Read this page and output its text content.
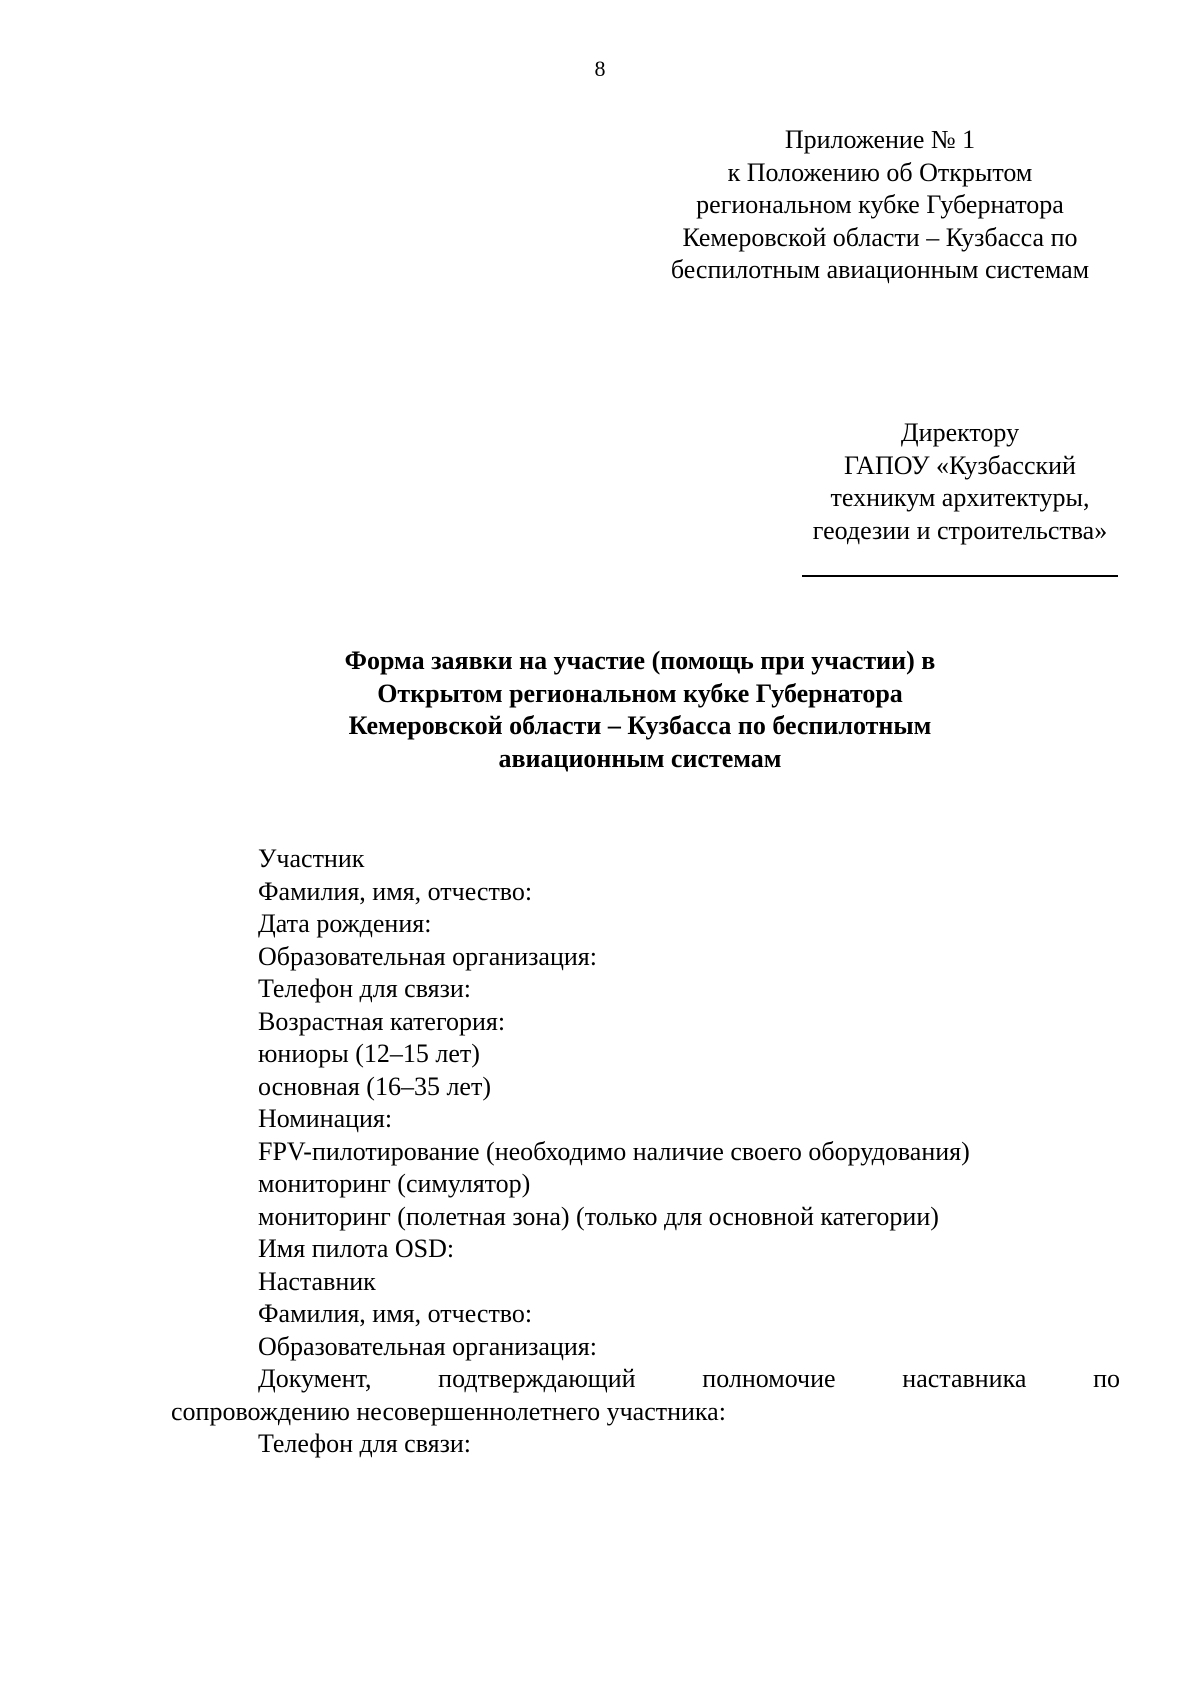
8
Приложение № 1
к Положению об Открытом
региональном кубке Губернатора
Кемеровской области – Кузбасса по
беспилотным авиационным системам
Директору
ГАПОУ «Кузбасский
техникум архитектуры,
геодезии и строительства»
Форма заявки на участие (помощь при участии) в
Открытом региональном кубке Губернатора
Кемеровской области – Кузбасса по беспилотным
авиационным системам
Участник
Фамилия, имя, отчество:
Дата рождения:
Образовательная организация:
Телефон для связи:
Возрастная категория:
юниоры (12–15 лет)
основная (16–35 лет)
Номинация:
FPV-пилотирование (необходимо наличие своего оборудования)
мониторинг (симулятор)
мониторинг (полетная зона) (только для основной категории)
Имя пилота OSD:
Наставник
Фамилия, имя, отчество:
Образовательная организация:
Документ, подтверждающий полномочие наставника по
сопровождению несовершеннолетнего участника:
Телефон для связи:
